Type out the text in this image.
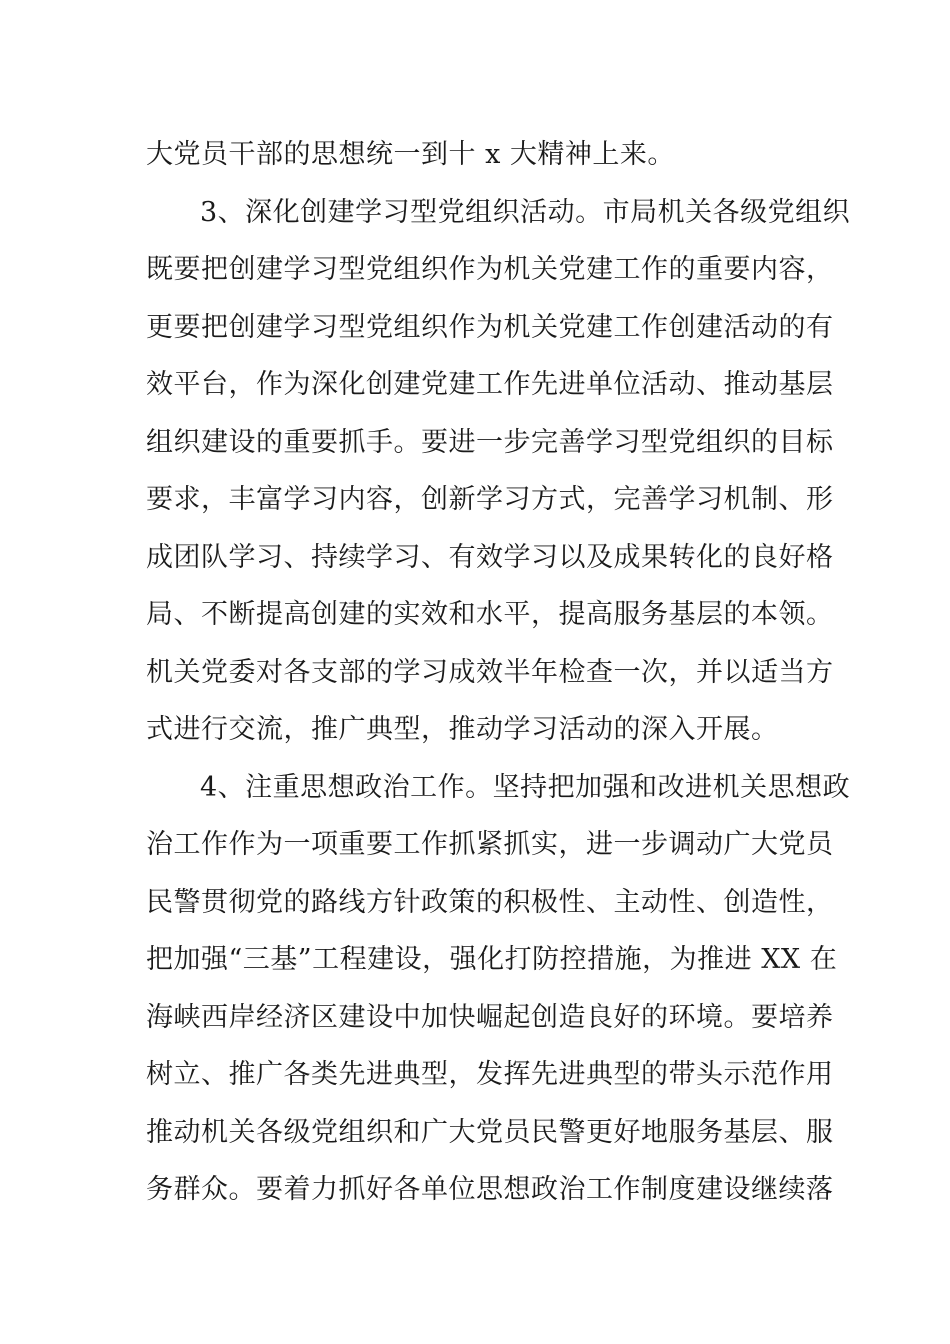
大党员干部的思想统一到十 x 大精神上来。
3、深化创建学习型党组织活动。市局机关各级党组织
既要把创建学习型党组织作为机关党建工作的重要内容，
更要把创建学习型党组织作为机关党建工作创建活动的有
效平台，作为深化创建党建工作先进单位活动、推动基层
组织建设的重要抓手。要进一步完善学习型党组织的目标
要求，丰富学习内容，创新学习方式，完善学习机制、形
成团队学习、持续学习、有效学习以及成果转化的良好格
局、不断提高创建的实效和水平，提高服务基层的本领。
机关党委对各支部的学习成效半年检查一次，并以适当方
式进行交流，推广典型，推动学习活动的深入开展。
4、注重思想政治工作。坚持把加强和改进机关思想政
治工作作为一项重要工作抓紧抓实，进一步调动广大党员
民警贯彻党的路线方针政策的积极性、主动性、创造性，
把加强“三基”工程建设，强化打防控措施，为推进 XX 在
海峡西岸经济区建设中加快崛起创造良好的环境。要培养
树立、推广各类先进典型，发挥先进典型的带头示范作用
推动机关各级党组织和广大党员民警更好地服务基层、服
务群众。要着力抓好各单位思想政治工作制度建设继续落
